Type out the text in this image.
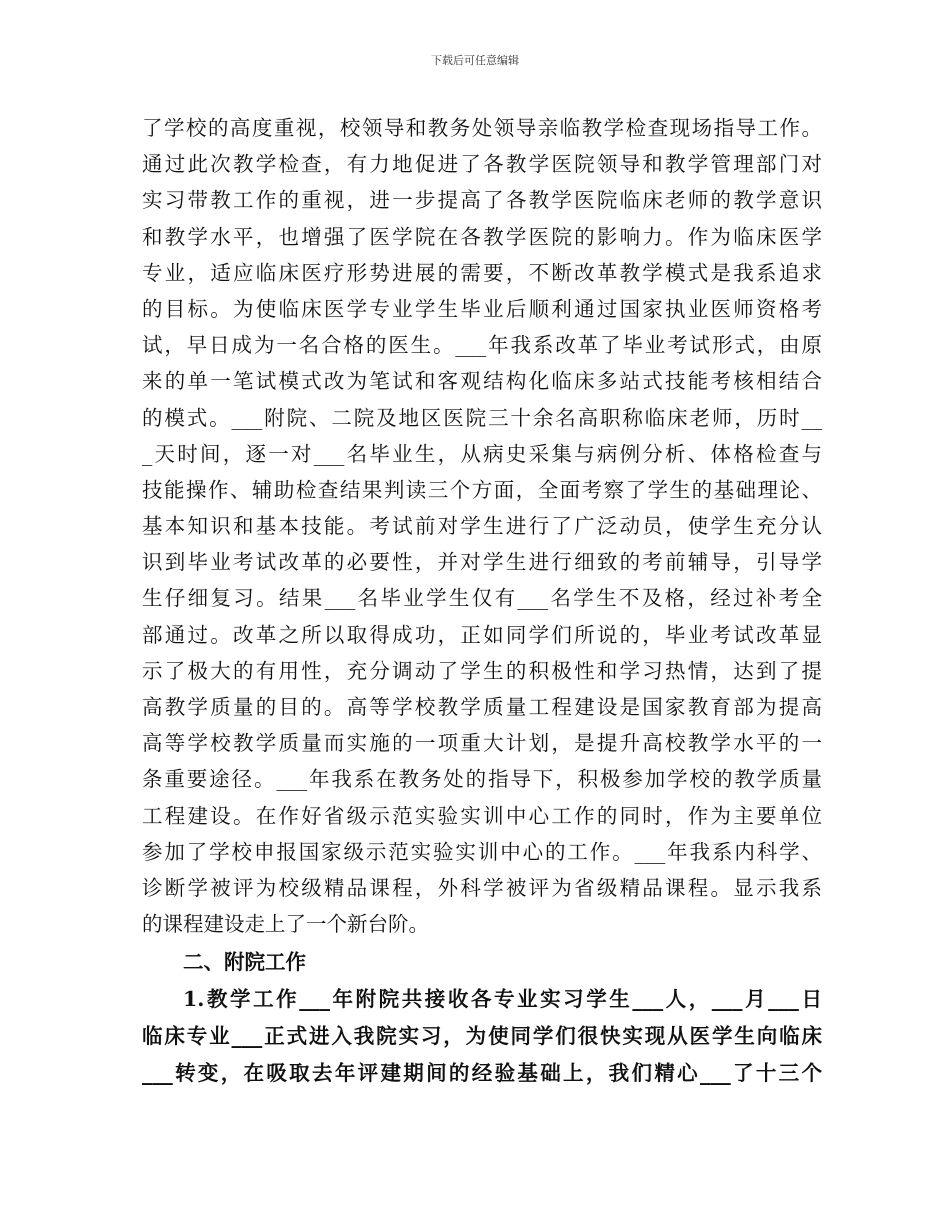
下载后可任意编辑
了学校的高度重视，校领导和教务处领导亲临教学检查现场指导工作。
通过此次教学检查，有力地促进了各教学医院领导和教学管理部门对
实习带教工作的重视，进一步提高了各教学医院临床老师的教学意识
和教学水平，也增强了医学院在各教学医院的影响力。作为临床医学
专业，适应临床医疗形势进展的需要，不断改革教学模式是我系追求
的目标。为使临床医学专业学生毕业后顺利通过国家执业医师资格考
试，早日成为一名合格的医生。___年我系改革了毕业考试形式，由原
来的单一笔试模式改为笔试和客观结构化临床多站式技能考核相结合
的模式。___附院、二院及地区医院三十余名高职称临床老师，历时__
_天时间，逐一对___名毕业生，从病史采集与病例分析、体格检查与
技能操作、辅助检查结果判读三个方面，全面考察了学生的基础理论、
基本知识和基本技能。考试前对学生进行了广泛动员，使学生充分认
识到毕业考试改革的必要性，并对学生进行细致的考前辅导，引导学
生仔细复习。结果___名毕业学生仅有___名学生不及格，经过补考全
部通过。改革之所以取得成功，正如同学们所说的，毕业考试改革显
示了极大的有用性，充分调动了学生的积极性和学习热情，达到了提
高教学质量的目的。高等学校教学质量工程建设是国家教育部为提高
高等学校教学质量而实施的一项重大计划，是提升高校教学水平的一
条重要途径。___年我系在教务处的指导下，积极参加学校的教学质量
工程建设。在作好省级示范实验实训中心工作的同时，作为主要单位
参加了学校申报国家级示范实验实训中心的工作。___年我系内科学、
诊断学被评为校级精品课程，外科学被评为省级精品课程。显示我系
的课程建设走上了一个新台阶。
二、附院工作
1.教学工作___年附院共接收各专业实习学生___人，___月___日
临床专业___正式进入我院实习，为使同学们很快实现从医学生向临床
___转变，在吸取去年评建期间的经验基础上，我们精心___了十三个
